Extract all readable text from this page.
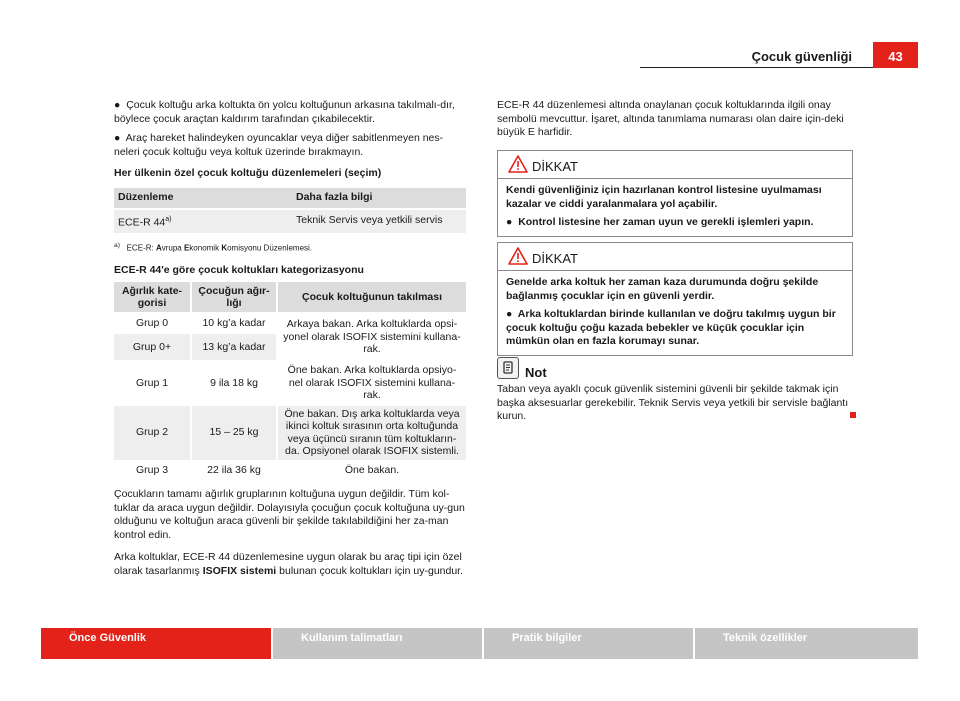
Çocuk güvenliği	43

●  Çocuk koltuğu arka koltukta ön yolcu koltuğunun arkasına takılmalı-dır, böylece çocuk araçtan kaldırım tarafından çıkabilecektir.

●  Araç hareket halindeyken oyuncaklar veya diğer sabitlenmeyen nes-neleri çocuk koltuğu veya koltuk üzerinde bırakmayın.

Her ülkenin özel çocuk koltuğu düzenlemeleri (seçim)

Düzenleme	Daha fazla bilgi
ECE-R 44$^{a)}$	Teknik Servis veya yetkili servis
$^{a)}$ ECE-R: Avrupa Ekonomik Komisyonu Düzenlemesi.

ECE-R 44'e göre çocuk koltukları kategorizasyonu

Ağırlık kate-gorisi	Çocuğun ağır-lığı	Çocuk koltuğunun takılması
Grup 0	10 kg’a kadar	Arkaya bakan. Arka koltuklarda opsi-yonel olarak ISOFIX sistemini kullana-rak.
Grup 0+	13 kg’a kadar	
Grup 1	9 ila 18 kg	Öne bakan. Arka koltuklarda opsiyo-nel olarak ISOFIX sistemini kullana-rak.
Grup 2	15 – 25 kg	Öne bakan. Dış arka koltuklarda veya ikinci koltuk sırasının orta koltuğunda veya üçüncü sıranın tüm koltukların-da. Opsiyonel olarak ISOFIX sistemli.
Grup 3	22 ila 36 kg	Öne bakan.

Çocukların tamamı ağırlık gruplarının koltuğuna uygun değildir. Tüm kol-tuklar da araca uygun değildir. Dolayısıyla çocuğun çocuk koltuğuna uy-gun olduğunu ve koltuğun araca güvenli bir şekilde takılabildiğini her za-man kontrol edin.

Arka koltuklar, ECE-R 44 düzenlemesine uygun olarak bu araç tipi için özel olarak tasarlanmış ISOFIX sistemi bulunan çocuk koltukları için uy-gundur.

ECE-R 44 düzenlemesi altında onaylanan çocuk koltuklarında ilgili onay sembolü mevcuttur. İşaret, altında tanımlama numarası olan daire için-deki büyük E harfidir.
DİKKAT

Kendi güvenliğiniz için hazırlanan kontrol listesine uyulmaması kazalar ve ciddi yaralanmalara yol açabilir.

●  Kontrol listesine her zaman uyun ve gerekli işlemleri yapın.

DİKKAT

Genelde arka koltuk her zaman kaza durumunda doğru şekilde bağlanmış çocuklar için en güvenli yerdir.

●  Arka koltuklardan birinde kullanılan ve doğru takılmış uygun bir çocuk koltuğu çoğu kazada bebekler ve küçük çocuklar için mümkün olan en fazla korumayı sunar.

Not
Taban veya ayaklı çocuk güvenlik sistemini güvenli bir şekilde takmak için başka aksesuarlar gerekebilir. Teknik Servis veya yetkili bir servisle bağlantı kurun.
Önce Güvenlik	Kullanım talimatları	Pratik bilgiler	Teknik özellikler
